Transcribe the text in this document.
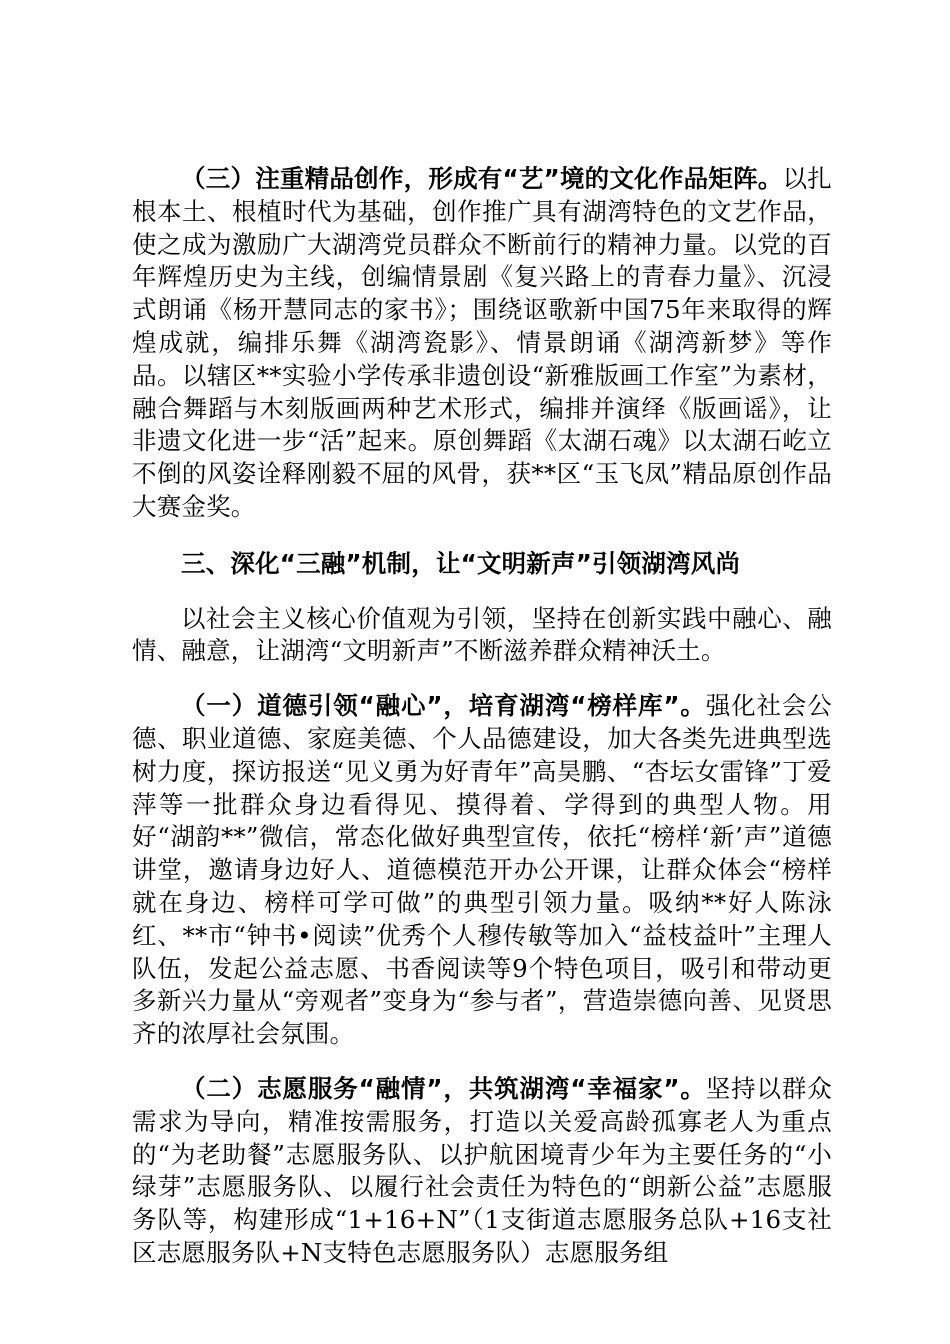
（三）注重精品创作，形成有“艺”境的文化作品矩阵。以扎根本土、根植时代为基础，创作推广具有湖湾特色的文艺作品，使之成为激励广大湖湾党员群众不断前行的精神力量。以党的百年辉煌历史为主线，创编情景剧《复兴路上的青春力量》、沉浸式朗诵《杨开慧同志的家书》；围绕讴歌新中国75年来取得的辉煌成就，编排乐舞《湖湾瓷影》、情景朗诵《湖湾新梦》等作品。以辖区**实验小学传承非遗创设“新雅版画工作室”为素材，融合舞蹈与木刻版画两种艺术形式，编排并演绎《版画谣》，让非遗文化进一步“活”起来。原创舞蹈《太湖石魂》以太湖石屹立不倒的风姿诠释刚毅不屈的风骨，获**区“玉飞凤”精品原创作品大赛金奖。

三、深化“三融”机制，让“文明新声”引领湖湾风尚

以社会主义核心价值观为引领，坚持在创新实践中融心、融情、融意，让湖湾“文明新声”不断滋养群众精神沃土。

（一）道德引领“融心”，培育湖湾“榜样库”。强化社会公德、职业道德、家庭美德、个人品德建设，加大各类先进典型选树力度，探访报送“见义勇为好青年”高昊鹏、“杏坛女雷锋”丁爱萍等一批群众身边看得见、摸得着、学得到的典型人物。用好“湖韵**”微信，常态化做好典型宣传，依托“榜样‘新’声”道德讲堂，邀请身边好人、道德模范开办公开课，让群众体会“榜样就在身边、榜样可学可做”的典型引领力量。吸纳**好人陈泳红、**市“钟书•阅读”优秀个人穆传敏等加入“益枝益叶”主理人队伍，发起公益志愿、书香阅读等9个特色项目，吸引和带动更多新兴力量从“旁观者”变身为“参与者”，营造崇德向善、见贤思齐的浓厚社会氛围。

（二）志愿服务“融情”，共筑湖湾“幸福家”。坚持以群众需求为导向，精准按需服务，打造以关爱高龄孤寡老人为重点的“为老助餐”志愿服务队、以护航困境青少年为主要任务的“小绿芽”志愿服务队、以履行社会责任为特色的“朗新公益”志愿服务队等，构建形成“1+16+N”（1支街道志愿服务总队+16支社区志愿服务队+N支特色志愿服务队）志愿服务组
